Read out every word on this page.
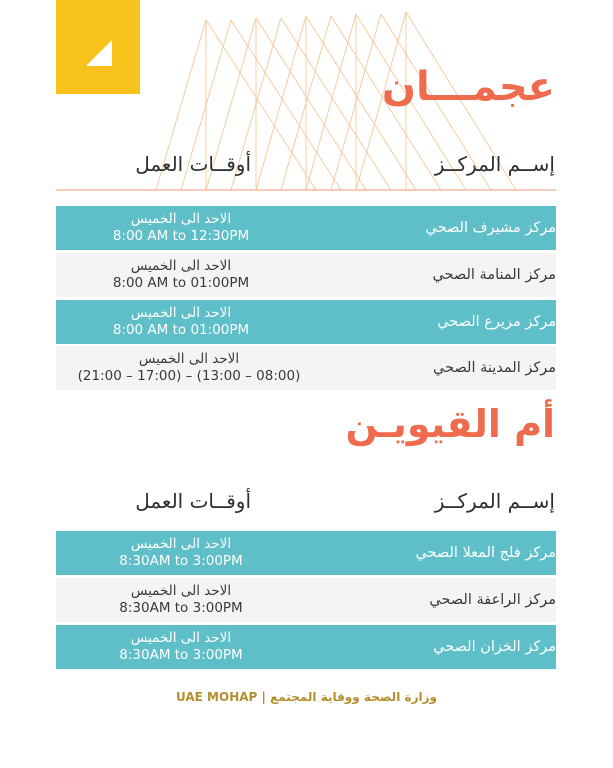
عجمـــان
إســم المركــز
أوقــات العمل
مركز مشيرف الصحي
الاحد الى الخميس
8:00 AM to 12:30PM
مركز المنامة الصحي
الاحد الى الخميس
8:00 AM to 01:00PM
مركز مزيرع الصحي
الاحد الى الخميس
8:00 AM to 01:00PM
مركز المدينة الصحي
الاحد الى الخميس
(21:00 – 17:00) – (13:00 – 08:00)
أم القيويـن
إســم المركــز
أوقــات العمل
مركز فلج المعلا الصحي
الاحد الى الخميس
8:30AM to 3:00PM
مركز الراعفة الصحي
الاحد الى الخميس
8:30AM to 3:00PM
مركز الخزان الصحي
الاحد الى الخميس
8:30AM to 3:00PM
UAE MOHAP | وزارة الصحة ووقاية المجتمع
